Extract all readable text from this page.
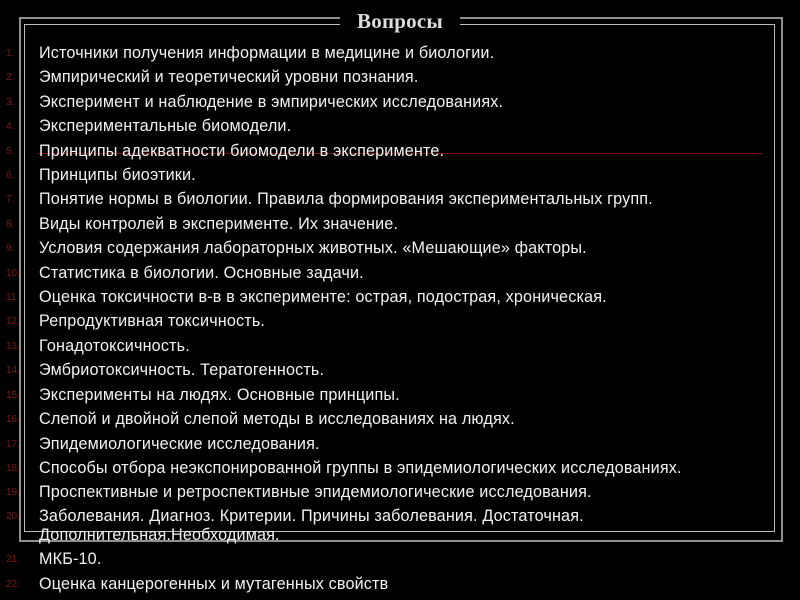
Вопросы
1. Источники получения информации в медицине и биологии.
2. Эмпирический и теоретический уровни познания.
3. Эксперимент и наблюдение в эмпирических исследованиях.
4. Экспериментальные биомодели.
5. Принципы адекватности биомодели в эксперименте.
6. Принципы биоэтики.
7. Понятие нормы в биологии. Правила формирования экспериментальных групп.
8. Виды контролей в эксперименте. Их значение.
9. Условия содержания лабораторных животных. «Мешающие» факторы.
10. Статистика в биологии. Основные задачи.
11. Оценка токсичности в-в в эксперименте: острая, подострая, хроническая.
12. Репродуктивная токсичность.
13. Гонадотоксичность.
14. Эмбриотоксичность. Тератогенность.
15. Эксперименты на людях. Основные принципы.
16. Слепой и двойной слепой методы в исследованиях на людях.
17. Эпидемиологические исследования.
18. Способы отбора неэкспонированной группы в эпидемиологических исследованиях.
19. Проспективные и ретроспективные эпидемиологические исследования.
20. Заболевания. Диагноз. Критерии. Причины заболевания. Достаточная. Дополнительная.Необходимая.
21. МКБ-10.
22. Оценка канцерогенных и мутагенных свойств
